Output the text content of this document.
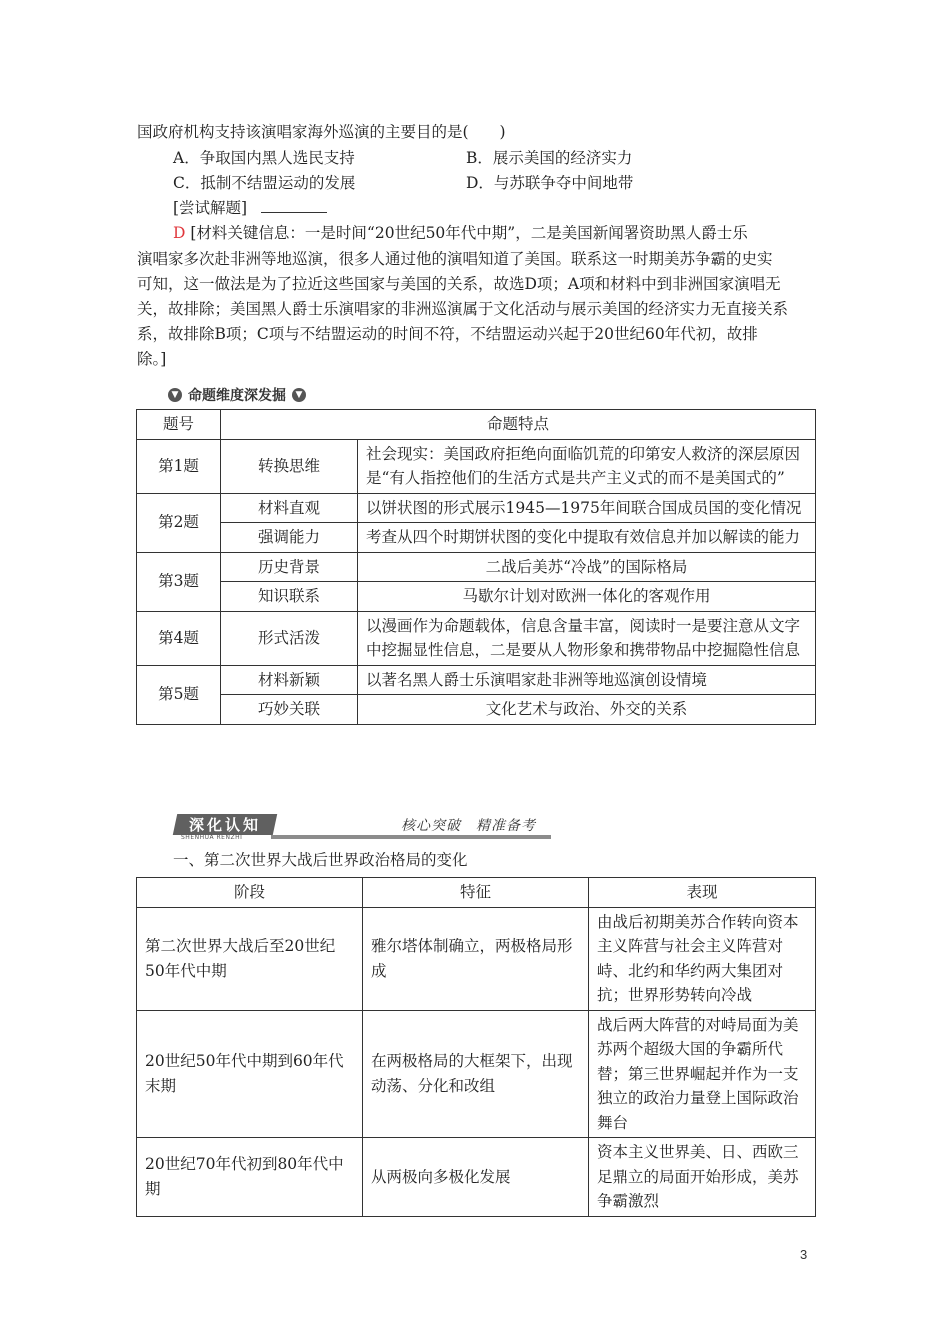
国政府机构支持该演唱家海外巡演的主要目的是(　　)
A．争取国内黑人选民支持	B．展示美国的经济实力
C．抵制不结盟运动的发展	D．与苏联争夺中间地带
[尝试解题]
D [材料关键信息：一是时间“20世纪50年代中期”，二是美国新闻署资助黑人爵士乐
演唱家多次赴非洲等地巡演，很多人通过他的演唱知道了美国。联系这一时期美苏争霸的史实
可知，这一做法是为了拉近这些国家与美国的关系，故选D项；A项和材料中到非洲国家演唱无
关，故排除；美国黑人爵士乐演唱家的非洲巡演属于文化活动与展示美国的经济实力无直接关系
系，故排除B项；C项与不结盟运动的时间不符，不结盟运动兴起于20世纪60年代初，故排
除。]
▼ 命题维度深发掘	▼
题号	命题特点	
第1题	转换思维	社会现实：美国政府拒绝向面临饥荒的印第安人救济的深层原因是“有人指控他们的生活方式是共产主义式的而不是美国式的”
第2题	材料直观	以饼状图的形式展示1945—1975年间联合国成员国的变化情况
	强调能力	考查从四个时期饼状图的变化中提取有效信息并加以解读的能力
第3题	历史背景	二战后美苏“冷战”的国际格局
	知识联系	马歇尔计划对欧洲一体化的客观作用
第4题	形式活泼	以漫画作为命题载体，信息含量丰富，阅读时一是要注意从文字中挖掘显性信息，二是要从人物形象和携带物品中挖掘隐性信息
第5题	材料新颖	以著名黑人爵士乐演唱家赴非洲等地巡演创设情境
	巧妙关联	文化艺术与政治、外交的关系
深化认知
SHENHUA RENZHI
核心突破　精准备考
一、第二次世界大战后世界政治格局的变化
阶段	特征	表现
第二次世界大战后至20世纪50年代中期	雅尔塔体制确立，两极格局形成	由战后初期美苏合作转向资本主义阵营与社会主义阵营对峙、北约和华约两大集团对抗；世界形势转向冷战
20世纪50年代中期到60年代末期	在两极格局的大框架下，出现动荡、分化和改组	战后两大阵营的对峙局面为美苏两个超级大国的争霸所代替；第三世界崛起并作为一支独立的政治力量登上国际政治舞台
20世纪70年代初到80年代中期	从两极向多极化发展	资本主义世界美、日、西欧三足鼎立的局面开始形成，美苏争霸激烈
3
